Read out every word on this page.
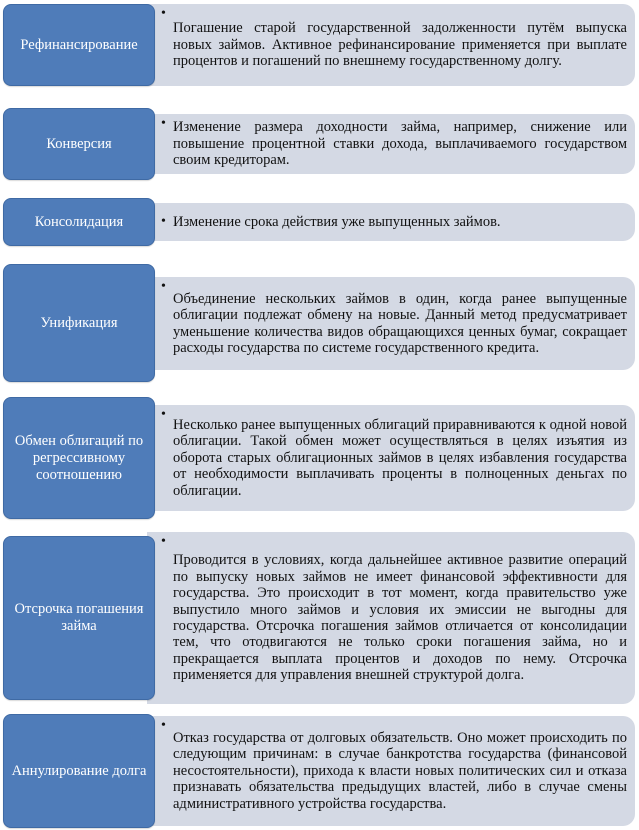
Рефинансирование
•
Погашение старой государственной задолженности путём выпуска новых займов. Активное рефинансирование применяется при выплате процентов и погашений по внешнему государственному долгу.
Конверсия
• Изменение размера доходности займа, например, снижение или повышение процентной ставки дохода, выплачиваемого государством своим кредиторам.
Консолидация	• Изменение срока действия уже выпущенных займов.
Унификация
•
Объединение нескольких займов в один, когда ранее выпущенные облигации подлежат обмену на новые. Данный метод предусматривает уменьшение количества видов обращающихся ценных бумаг, сокращает расходы государства по системе государственного кредита.
Обмен облигаций по регрессивному соотношению
•
Несколько ранее выпущенных облигаций приравниваются к одной новой облигации. Такой обмен может осуществляться в целях изъятия из оборота старых облигационных займов в целях избавления государства от необходимости выплачивать проценты в полноценных деньгах по облигации.
Отсрочка погашения займа
•
Проводится в условиях, когда дальнейшее активное развитие операций по выпуску новых займов не имеет финансовой эффективности для государства. Это происходит в тот момент, когда правительство уже выпустило много займов и условия их эмиссии не выгодны для государства. Отсрочка погашения займов отличается от консолидации тем, что отодвигаются не только сроки погашения займа, но и прекращается выплата процентов и доходов по нему. Отсрочка применяется для управления внешней структурой долга.
Аннулирование долга
•
Отказ государства от долговых обязательств. Оно может происходить по следующим причинам: в случае банкротства государства (финансовой несостоятельности), прихода к власти новых политических сил и отказа признавать обязательства предыдущих властей, либо в случае смены административного устройства государства.
